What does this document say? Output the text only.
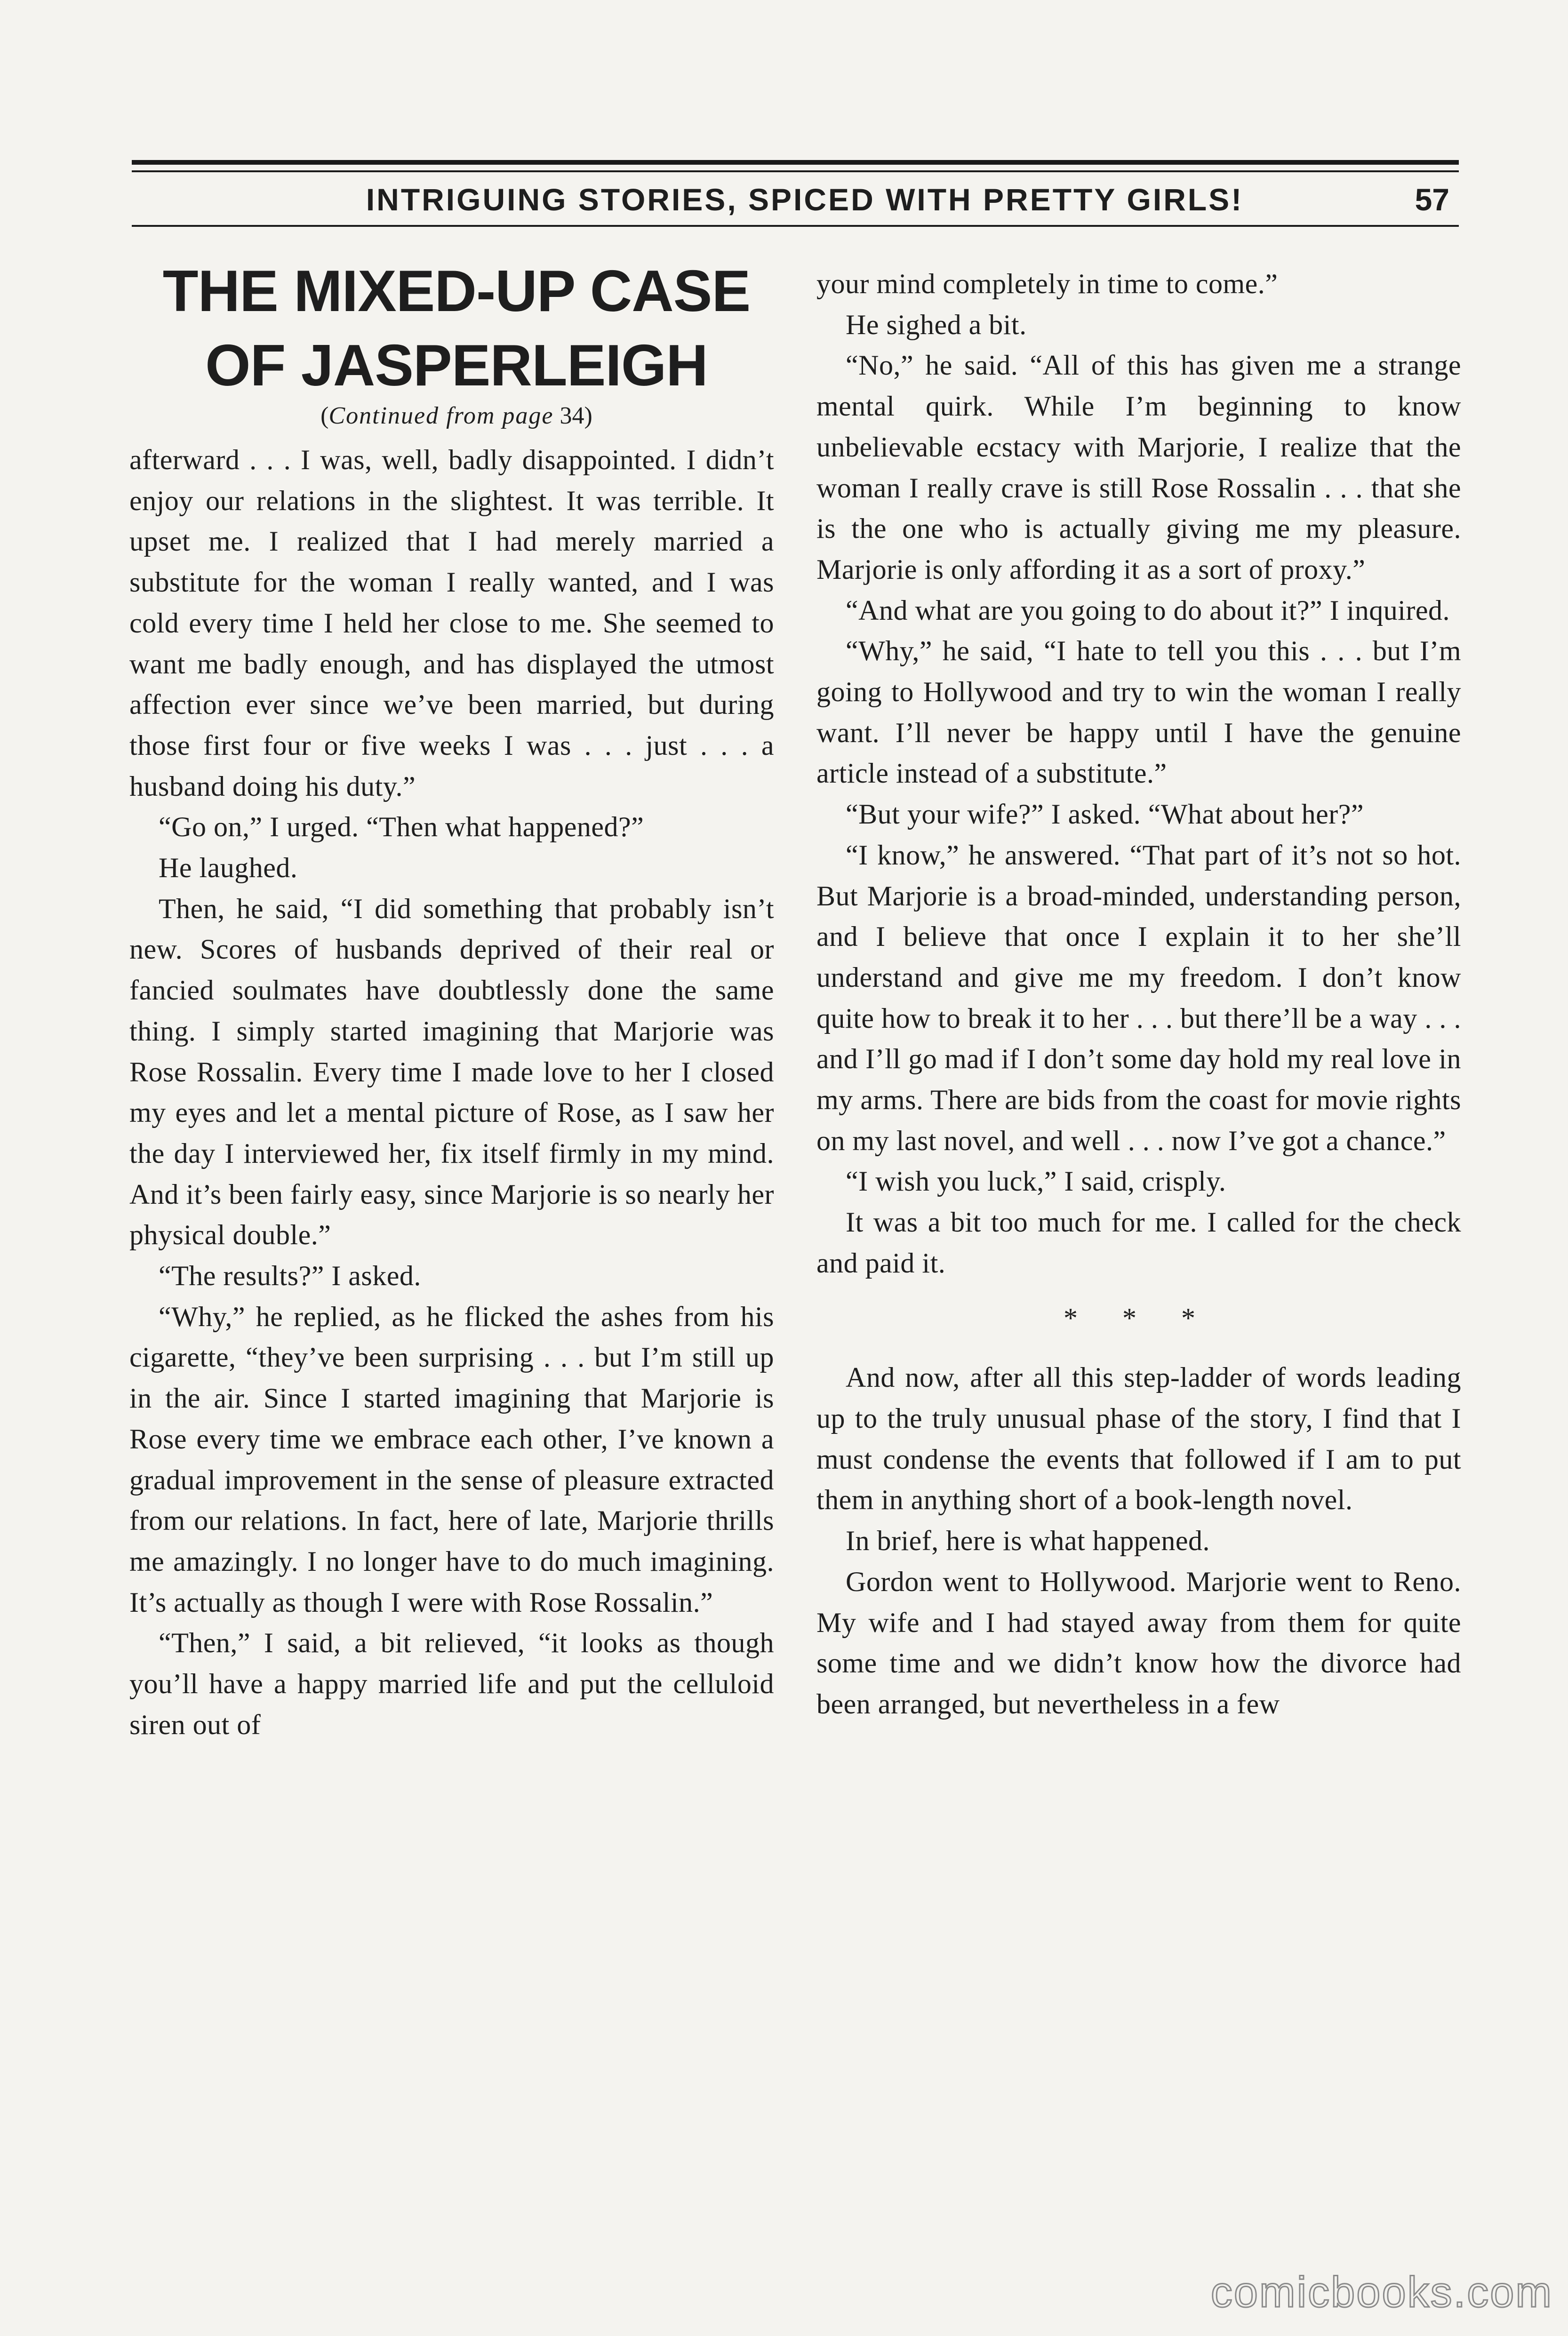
INTRIGUING STORIES, SPICED WITH PRETTY GIRLS!	57
THE MIXED-UP CASE OF JASPERLEIGH
(Continued from page 34)

afterward . . . I was, well, badly disappointed. I didn’t enjoy our relations in the slightest. It was terrible. It upset me. I realized that I had merely married a substitute for the woman I really wanted, and I was cold every time I held her close to me. She seemed to want me badly enough, and has displayed the utmost affection ever since we’ve been married, but during those first four or five weeks I was . . . just . . . a husband doing his duty.”

“Go on,” I urged. “Then what happened?”

He laughed.

Then, he said, “I did something that probably isn’t new. Scores of husbands deprived of their real or fancied soulmates have doubtlessly done the same thing. I simply started imagining that Marjorie was Rose Rossalin. Every time I made love to her I closed my eyes and let a mental picture of Rose, as I saw her the day I interviewed her, fix itself firmly in my mind. And it’s been fairly easy, since Marjorie is so nearly her physical double.”

“The results?” I asked.

“Why,” he replied, as he flicked the ashes from his cigarette, “they’ve been surprising . . . but I’m still up in the air. Since I started imagining that Marjorie is Rose every time we embrace each other, I’ve known a gradual improvement in the sense of pleasure extracted from our relations. In fact, here of late, Marjorie thrills me amazingly. I no longer have to do much imagining. It’s actually as though I were with Rose Rossalin.”

“Then,” I said, a bit relieved, “it looks as though you’ll have a happy married life and put the celluloid siren out of

your mind completely in time to come.”

He sighed a bit.

“No,” he said. “All of this has given me a strange mental quirk. While I’m beginning to know unbelievable ecstacy with Marjorie, I realize that the woman I really crave is still Rose Rossalin . . . that she is the one who is actually giving me my pleasure. Marjorie is only affording it as a sort of proxy.”

“And what are you going to do about it?” I inquired.

“Why,” he said, “I hate to tell you this . . . but I’m going to Hollywood and try to win the woman I really want. I’ll never be happy until I have the genuine article instead of a substitute.”

“But your wife?” I asked. “What about her?”

“I know,” he answered. “That part of it’s not so hot. But Marjorie is a broad-minded, understanding person, and I believe that once I explain it to her she’ll understand and give me my freedom. I don’t know quite how to break it to her . . . but there’ll be a way . . . and I’ll go mad if I don’t some day hold my real love in my arms. There are bids from the coast for movie rights on my last novel, and well . . . now I’ve got a chance.”

“I wish you luck,” I said, crisply.

It was a bit too much for me. I called for the check and paid it.

* * *

And now, after all this step-ladder of words leading up to the truly unusual phase of the story, I find that I must condense the events that followed if I am to put them in anything short of a book-length novel.

In brief, here is what happened.

Gordon went to Hollywood. Marjorie went to Reno. My wife and I had stayed away from them for quite some time and we didn’t know how the divorce had been arranged, but nevertheless in a few

comicbooks.com
